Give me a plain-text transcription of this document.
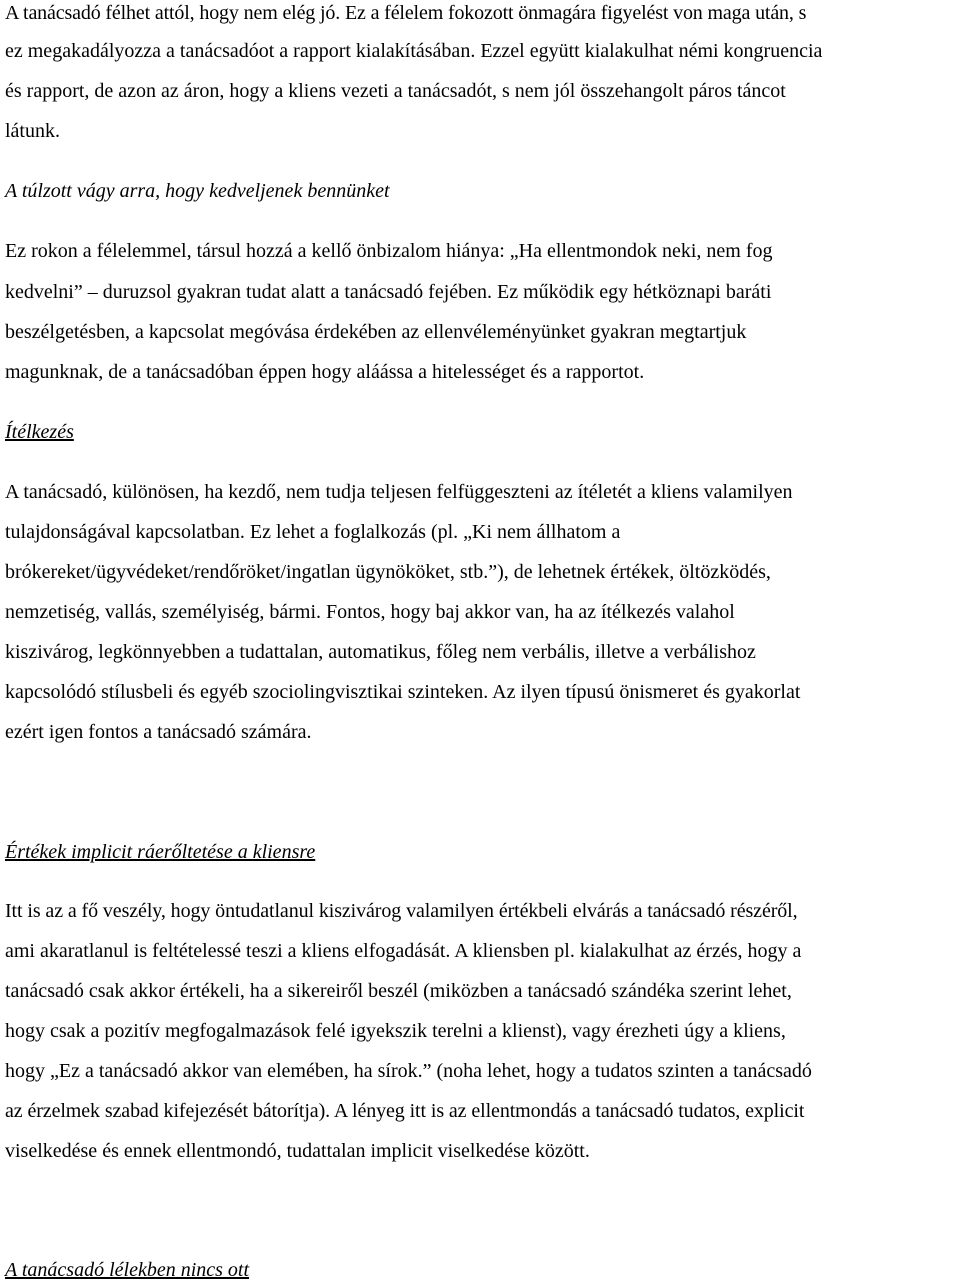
A tanácsadó félhet attól, hogy nem elég jó. Ez a félelem fokozott önmagára figyelést von maga után, s
ez megakadályozza a tanácsadóot a rapport kialakításában. Ezzel együtt kialakulhat némi kongruencia
és rapport, de azon az áron, hogy a kliens vezeti a tanácsadót, s nem jól összehangolt páros táncot
látunk.
A túlzott vágy arra, hogy kedveljenek bennünket
Ez rokon a félelemmel, társul hozzá a kellő önbizalom hiánya: „Ha ellentmondok neki, nem fog
kedvelni” – duruzsol gyakran tudat alatt a tanácsadó fejében. Ez működik egy hétköznapi baráti
beszélgetésben, a kapcsolat megóvása érdekében az ellenvéleményünket gyakran megtartjuk
magunknak, de a tanácsadóban éppen hogy aláássa a hitelességet és a rapportot.
Ítélkezés
A tanácsadó, különösen, ha kezdő, nem tudja teljesen felfüggeszteni az ítéletét a kliens valamilyen
tulajdonságával kapcsolatban. Ez lehet a foglalkozás (pl. „Ki nem állhatom a
brókereket/ügyvédeket/rendőröket/ingatlan ügynököket, stb.”), de lehetnek értékek, öltözködés,
nemzetiség, vallás, személyiség, bármi. Fontos, hogy baj akkor van, ha az ítélkezés valahol
kiszivárog, legkönnyebben a tudattalan, automatikus, főleg nem verbális, illetve a verbálishoz
kapcsolódó stílusbeli és egyéb szociolingvisztikai szinteken. Az ilyen típusú önismeret és gyakorlat
ezért igen fontos a tanácsadó számára.
Értékek implicit ráerőltetése a kliensre
Itt is az a fő veszély, hogy öntudatlanul kiszivárog valamilyen értékbeli elvárás a tanácsadó részéről,
ami akaratlanul is feltételessé teszi a kliens elfogadását. A kliensben pl. kialakulhat az érzés, hogy a
tanácsadó csak akkor értékeli, ha a sikereiről beszél (miközben a tanácsadó szándéka szerint lehet,
hogy csak a pozitív megfogalmazások felé igyekszik terelni a klienst), vagy érezheti úgy a kliens,
hogy „Ez a tanácsadó akkor van elemében, ha sírok.” (noha lehet, hogy a tudatos szinten a tanácsadó
az érzelmek szabad kifejezését bátorítja). A lényeg itt is az ellentmondás a tanácsadó tudatos, explicit
viselkedése és ennek ellentmondó, tudattalan implicit viselkedése között.
A tanácsadó lélekben nincs ott
